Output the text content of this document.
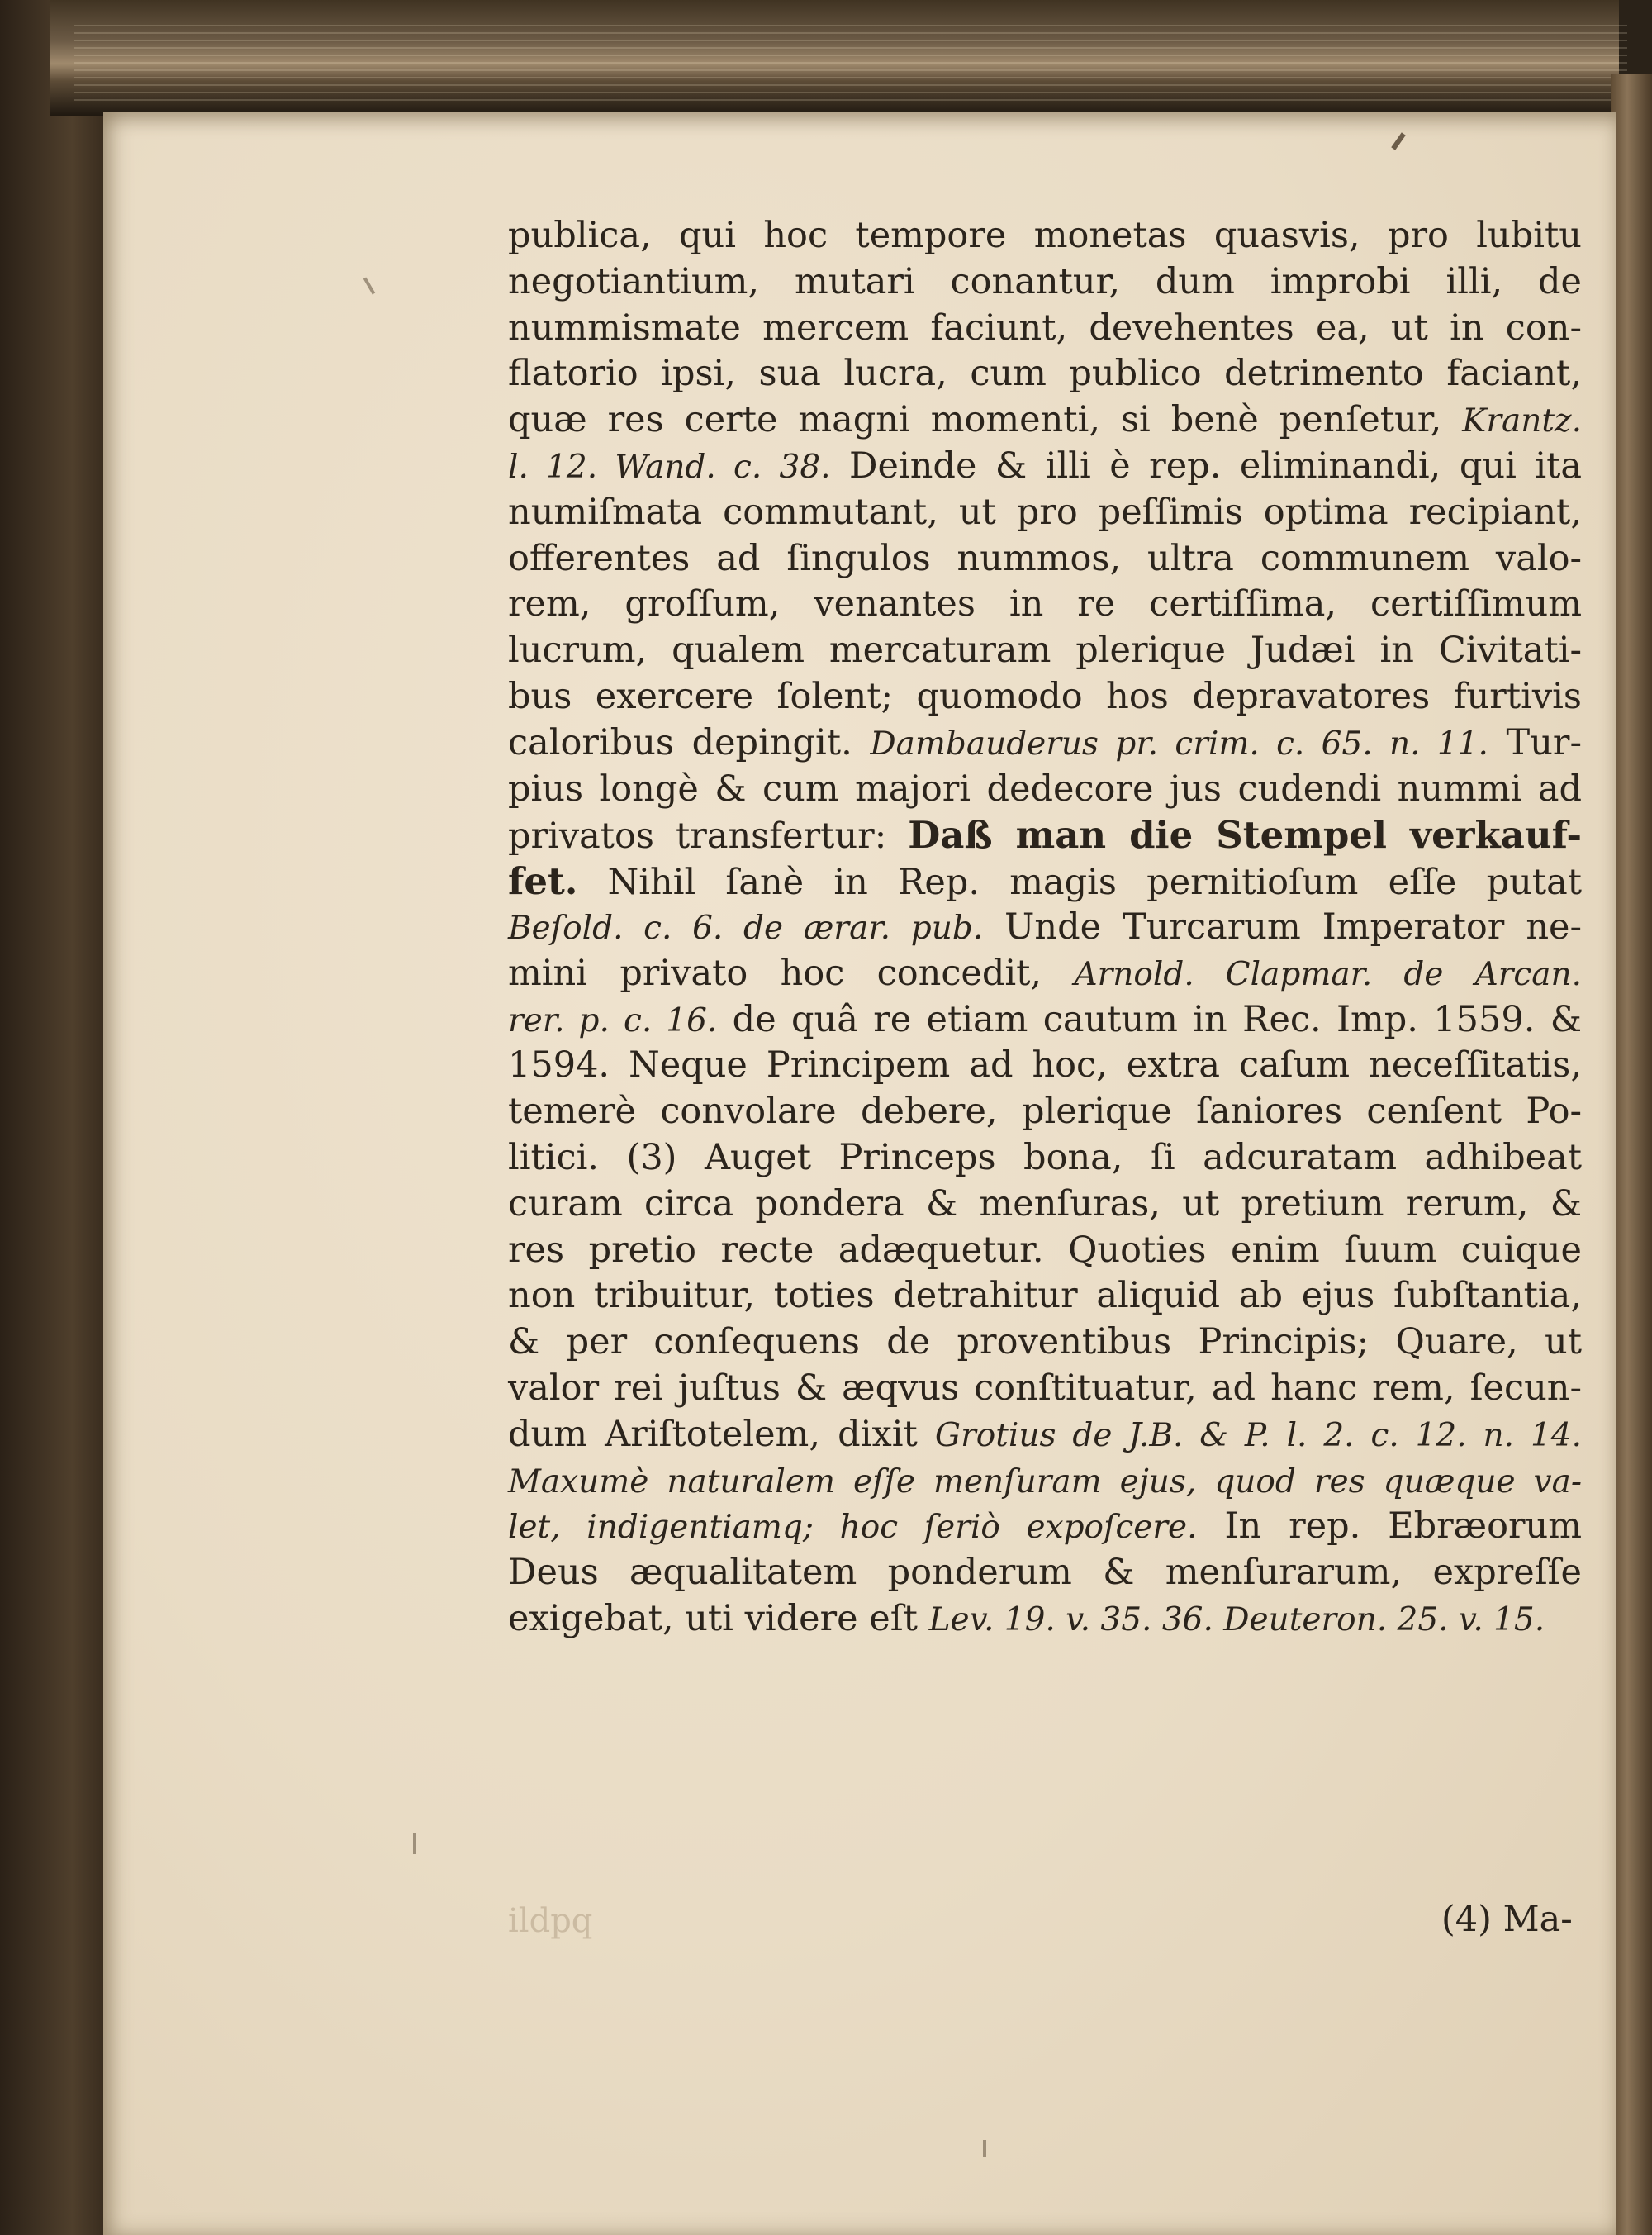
publica, qui hoc tempore monetas quasvis, pro lubitu
negotiantium, mutari conantur, dum improbi illi, de
nummismate mercem faciunt, devehentes ea, ut in con-
flatorio ipsi, sua lucra, cum publico detrimento faciant,
quæ res certe magni momenti, si benè penſetur, Krantz.
l. 12. Wand. c. 38. Deinde & illi è rep. eliminandi, qui ita
numiſmata commutant, ut pro peſſimis optima recipiant,
offerentes ad ſingulos nummos, ultra communem valo-
rem, groſſum, venantes in re certiſſima, certiſſimum
lucrum, qualem mercaturam plerique Judæi in Civitati-
bus exercere ſolent; quomodo hos depravatores furtivis
caloribus depingit. Dambauderus pr. crim. c. 65. n. 11. Tur-
pius longè & cum majori dedecore jus cudendi nummi ad
privatos transfertur: Daß man die Stempel verkauf-
fet. Nihil ſanè in Rep. magis pernitioſum eſſe putat
Beſold. c. 6. de ærar. pub. Unde Turcarum Imperator ne-
mini privato hoc concedit, Arnold. Clapmar. de Arcan.
rer. p. c. 16. de quâ re etiam cautum in Rec. Imp. 1559. &
1594. Neque Principem ad hoc, extra caſum neceſſitatis,
temerè convolare debere, plerique ſaniores cenſent Po-
litici. (3) Auget Princeps bona, ſi adcuratam adhibeat
curam circa pondera & menſuras, ut pretium rerum, &
res pretio recte adæquetur. Quoties enim ſuum cuique
non tribuitur, toties detrahitur aliquid ab ejus ſubſtantia,
& per conſequens de proventibus Principis; Quare, ut
valor rei juſtus & æqvus conſtituatur, ad hanc rem, ſecun-
dum Ariſtotelem, dixit Grotius de J.B. & P. l. 2. c. 12. n. 14.
Maxumè naturalem eſſe menſuram ejus, quod res quæque va-
let, indigentiamq; hoc ſeriò expoſcere. In rep. Ebræorum
Deus æqualitatem ponderum & menſurarum, expreſſe
exigebat, uti videre eſt Lev. 19. v. 35. 36. Deuteron. 25. v. 15.
ildpq	(4) Ma-
